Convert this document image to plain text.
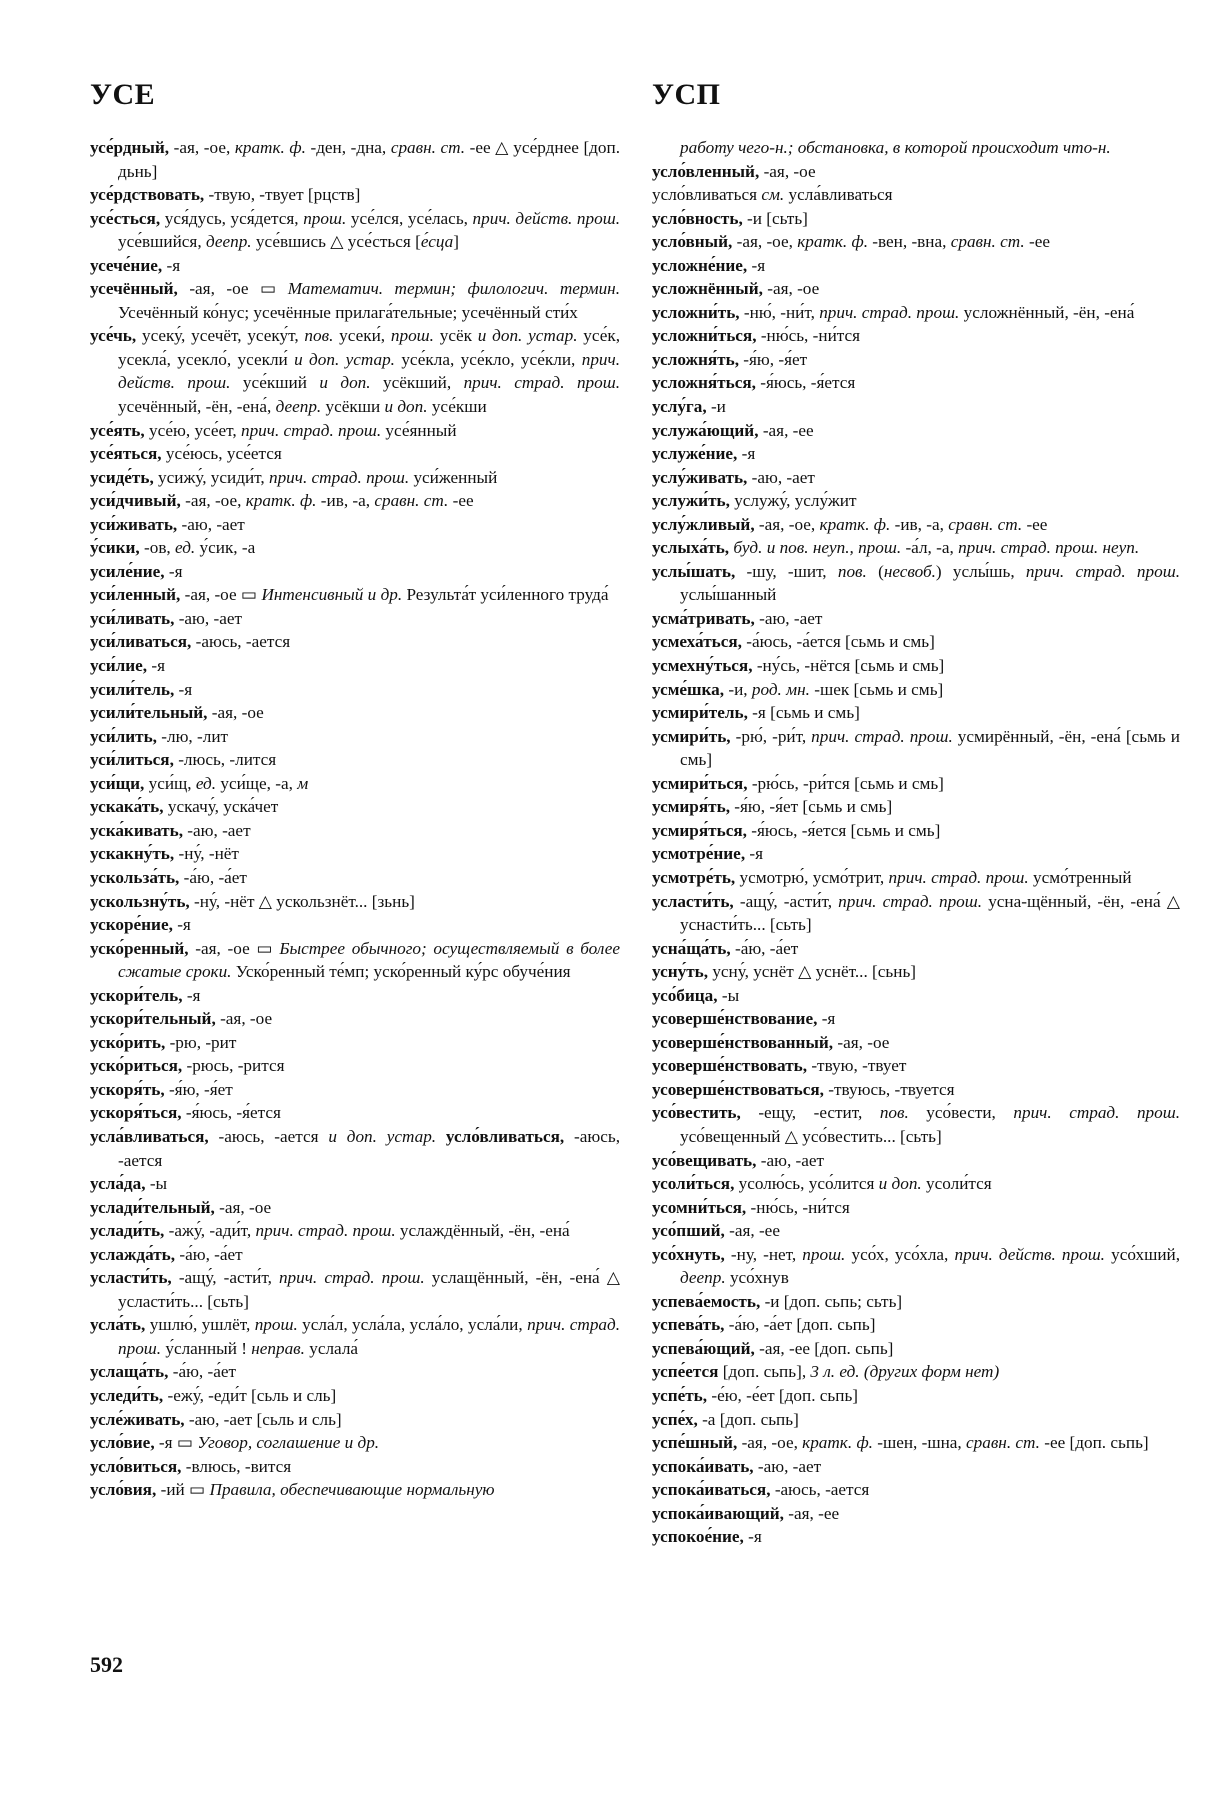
УСЕ	УСП

усе́рдный, -ая, -ое, кратк. ф. -ден, -дна, сравн. ст. -ее △ усе́рднее [доп. дьнь]

усе́рдствовать, -твую, -твует [рцств]

усе́сться, уся́дусь, уся́дется, прош. усе́лся, усе́лась, прич. действ. прош. усе́вшийся, деепр. усе́вшись △ усе́сться [е́сца]

усече́ние, -я

усечённый, -ая, -ое ▭ Математич. термин; филологич. термин. Усечённый ко́нус; усечённые прилага́тельные; усечённый сти́х

усе́чь, усеку́, усечёт, усеку́т, пов. усеки́, прош. усёк и доп. устар. усе́к, усекла́, усекло́, усекли́ и доп. устар. усе́кла, усе́кло, усе́кли, прич. действ. прош. усе́кший и доп. усёкший, прич. страд. прош. усечённый, -ён, -ена́, деепр. усёкши и доп. усе́кши

усе́ять, усе́ю, усе́ет, прич. страд. прош. усе́янный

усе́яться, усе́юсь, усе́ется

усиде́ть, усижу́, усиди́т, прич. страд. прош. уси́женный

уси́дчивый, -ая, -ое, кратк. ф. -ив, -а, сравн. ст. -ее

уси́живать, -аю, -ает

у́сики, -ов, ед. у́сик, -а

усиле́ние, -я

уси́ленный, -ая, -ое ▭ Интенсивный и др. Результа́т уси́ленного труда́

уси́ливать, -аю, -ает

уси́ливаться, -аюсь, -ается

уси́лие, -я

усили́тель, -я

усили́тельный, -ая, -ое

уси́лить, -лю, -лит

уси́литься, -люсь, -лится

уси́щи, уси́щ, ед. уси́ще, -а, м

ускака́ть, ускачу́, уска́чет

уска́кивать, -аю, -ает

ускакну́ть, -ну́, -нёт

ускольза́ть, -а́ю, -а́ет

ускользну́ть, -ну́, -нёт △ ускользнёт... [зьнь]

ускоре́ние, -я

уско́ренный, -ая, -ое ▭ Быстрее обычного; осуществляемый в более сжатые сроки. Уско́ренный те́мп; уско́ренный ку́рс обуче́ния

ускори́тель, -я

ускори́тельный, -ая, -ое

уско́рить, -рю, -рит

уско́риться, -рюсь, -рится

ускоря́ть, -я́ю, -я́ет

ускоря́ться, -я́юсь, -я́ется

усла́вливаться, -аюсь, -ается и доп. устар. усло́вливаться, -аюсь, -ается

усла́да, -ы

услади́тельный, -ая, -ое

услади́ть, -ажу́, -ади́т, прич. страд. прош. услаждённый, -ён, -ена́

услажда́ть, -а́ю, -а́ет

усласти́ть, -ащу́, -асти́т, прич. страд. прош. услащённый, -ён, -ена́ △ усласти́ть... [сьть]

усла́ть, ушлю́, ушлёт, прош. усла́л, усла́ла, усла́ло, усла́ли, прич. страд. прош. у́сланный ! неправ. услала́

услаща́ть, -а́ю, -а́ет

уследи́ть, -ежу́, -еди́т [сьль и сль]

усле́живать, -аю, -ает [сьль и сль]

усло́вие, -я ▭ Уговор, соглашение и др.

усло́виться, -влюсь, -вится

усло́вия, -ий ▭ Правила, обеспечивающие нормальную

работу чего-н.; обстановка, в которой происходит что-н.

усло́вленный, -ая, -ое

усло́вливаться см. усла́вливаться

усло́вность, -и [сьть]

усло́вный, -ая, -ое, кратк. ф. -вен, -вна, сравн. ст. -ее

усложне́ние, -я

усложнённый, -ая, -ое

усложни́ть, -ню́, -ни́т, прич. страд. прош. усложнённый, -ён, -ена́

усложни́ться, -ню́сь, -ни́тся

усложня́ть, -я́ю, -я́ет

усложня́ться, -я́юсь, -я́ется

услу́га, -и

услужа́ющий, -ая, -ее

услуже́ние, -я

услу́живать, -аю, -ает

услужи́ть, услужу́, услу́жит

услу́жливый, -ая, -ое, кратк. ф. -ив, -а, сравн. ст. -ее

услыха́ть, буд. и пов. неуп., прош. -а́л, -а, прич. страд. прош. неуп.

услы́шать, -шу, -шит, пов. (несвоб.) услы́шь, прич. страд. прош. услы́шанный

усма́тривать, -аю, -ает

усмеха́ться, -а́юсь, -а́ется [сьмь и смь]

усмехну́ться, -ну́сь, -нётся [сьмь и смь]

усме́шка, -и, род. мн. -шек [сьмь и смь]

усмири́тель, -я [сьмь и смь]

усмири́ть, -рю́, -ри́т, прич. страд. прош. усмирённый, -ён, -ена́ [сьмь и смь]

усмири́ться, -рю́сь, -ри́тся [сьмь и смь]

усмиря́ть, -я́ю, -я́ет [сьмь и смь]

усмиря́ться, -я́юсь, -я́ется [сьмь и смь]

усмотре́ние, -я

усмотре́ть, усмотрю́, усмо́трит, прич. страд. прош. усмо́тренный

усласти́ть, -ащу́, -асти́т, прич. страд. прош. усна-щённый, -ён, -ена́ △ уснасти́ть... [сьть]

усна́ща́ть, -а́ю, -а́ет

усну́ть, усну́, уснёт △ уснёт... [сьнь]

усо́бица, -ы

усоверше́нствование, -я

усоверше́нствованный, -ая, -ое

усоверше́нствовать, -твую, -твует

усоверше́нствоваться, -твуюсь, -твуется

усо́вестить, -ещу, -естит, пов. усо́вести, прич. страд. прош. усо́вещенный △ усо́вестить... [сьть]

усо́вещивать, -аю, -ает

усоли́ться, усолю́сь, усо́лится и доп. усоли́тся

усомни́ться, -ню́сь, -ни́тся

усо́пший, -ая, -ее

усо́хнуть, -ну, -нет, прош. усо́х, усо́хла, прич. действ. прош. усо́хший, деепр. усо́хнув

успева́емость, -и [доп. сьпь; сьть]

успева́ть, -а́ю, -а́ет [доп. сьпь]

успева́ющий, -ая, -ее [доп. сьпь]

успе́ется [доп. сьпь], 3 л. ед. (других форм нет)

успе́ть, -е́ю, -е́ет [доп. сьпь]

успе́х, -а [доп. сьпь]

успе́шный, -ая, -ое, кратк. ф. -шен, -шна, сравн. ст. -ее [доп. сьпь]

успока́ивать, -аю, -ает

успока́иваться, -аюсь, -ается

успока́ивающий, -ая, -ее

успокое́ние, -я

592
